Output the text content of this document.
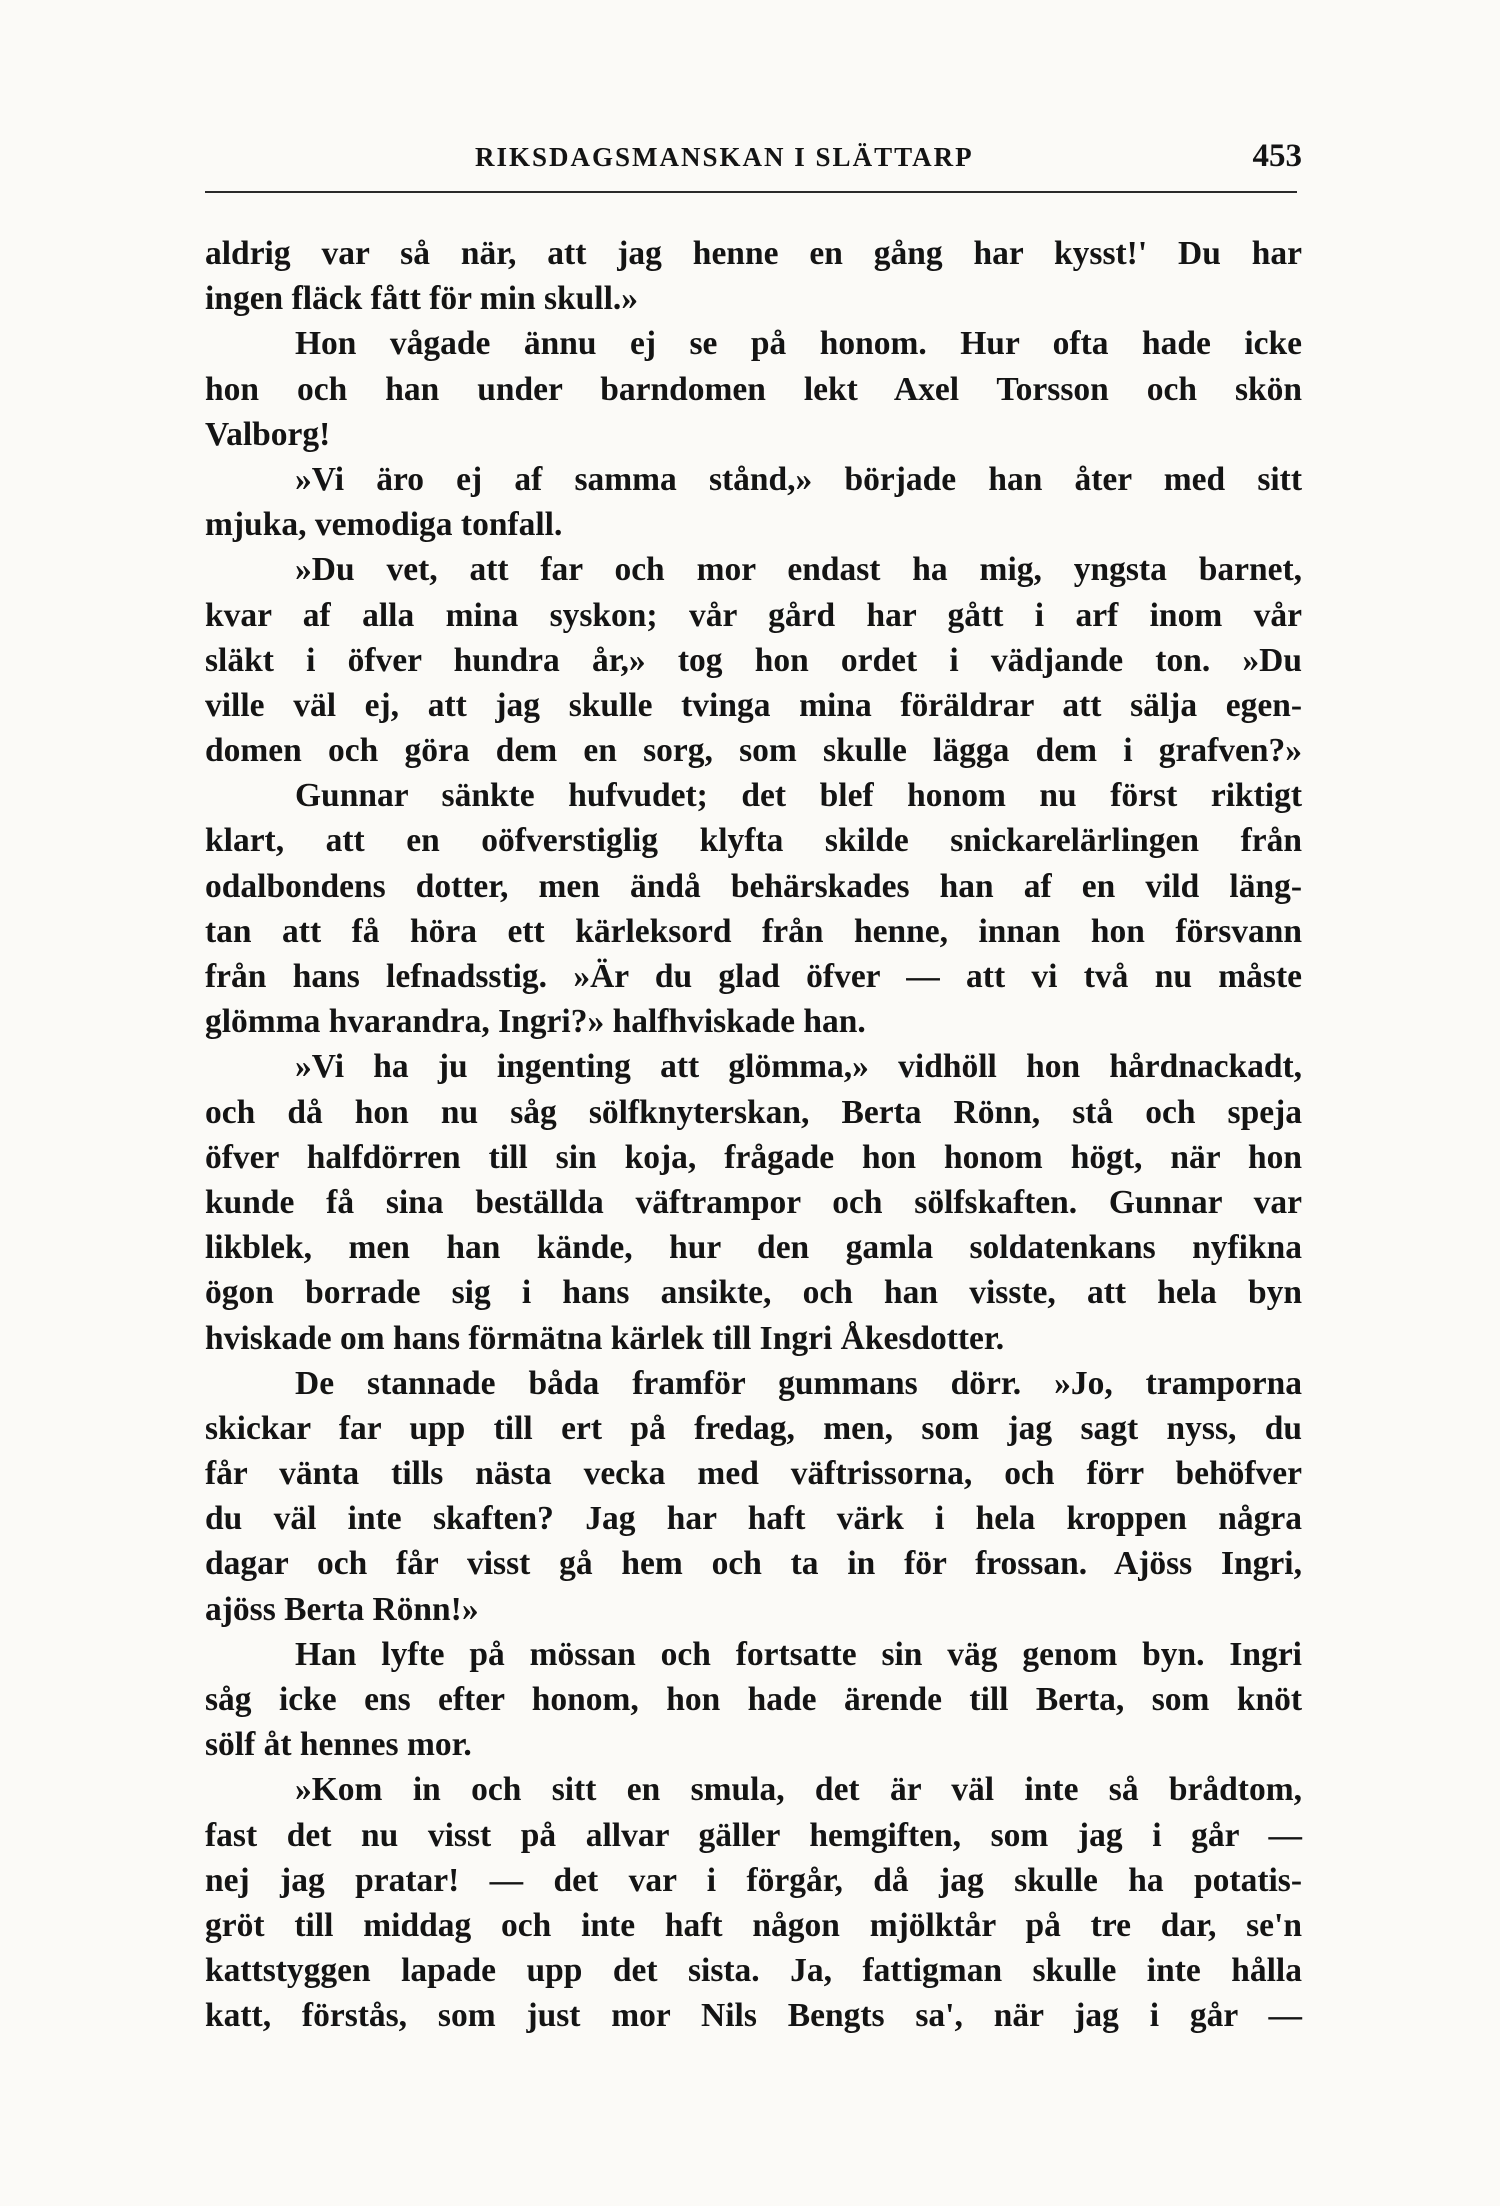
RIKSDAGSMANSKAN I SLÄTTARP	453
aldrig var så när, att jag henne en gång har kysst!' Du har
ingen fläck fått för min skull.»
Hon vågade ännu ej se på honom. Hur ofta hade icke
hon och han under barndomen lekt Axel Torsson och skön
Valborg!
»Vi äro ej af samma stånd,» började han åter med sitt
mjuka, vemodiga tonfall.
»Du vet, att far och mor endast ha mig, yngsta barnet,
kvar af alla mina syskon; vår gård har gått i arf inom vår
släkt i öfver hundra år,» tog hon ordet i vädjande ton. »Du
ville väl ej, att jag skulle tvinga mina föräldrar att sälja egen-
domen och göra dem en sorg, som skulle lägga dem i grafven?»
Gunnar sänkte hufvudet; det blef honom nu först riktigt
klart, att en oöfverstiglig klyfta skilde snickarelärlingen från
odalbondens dotter, men ändå behärskades han af en vild läng-
tan att få höra ett kärleksord från henne, innan hon försvann
från hans lefnadsstig. »Är du glad öfver — att vi två nu måste
glömma hvarandra, Ingri?» halfhviskade han.
»Vi ha ju ingenting att glömma,» vidhöll hon hårdnackadt,
och då hon nu såg sölfknyterskan, Berta Rönn, stå och speja
öfver halfdörren till sin koja, frågade hon honom högt, när hon
kunde få sina beställda väftrampor och sölfskaften. Gunnar var
likblek, men han kände, hur den gamla soldatenkans nyfikna
ögon borrade sig i hans ansikte, och han visste, att hela byn
hviskade om hans förmätna kärlek till Ingri Åkesdotter.
De stannade båda framför gummans dörr. »Jo, tramporna
skickar far upp till ert på fredag, men, som jag sagt nyss, du
får vänta tills nästa vecka med väftrissorna, och förr behöfver
du väl inte skaften? Jag har haft värk i hela kroppen några
dagar och får visst gå hem och ta in för frossan. Ajöss Ingri,
ajöss Berta Rönn!»
Han lyfte på mössan och fortsatte sin väg genom byn. Ingri
såg icke ens efter honom, hon hade ärende till Berta, som knöt
sölf åt hennes mor.
»Kom in och sitt en smula, det är väl inte så brådtom,
fast det nu visst på allvar gäller hemgiften, som jag i går —
nej jag pratar! — det var i förgår, då jag skulle ha potatis-
gröt till middag och inte haft någon mjölktår på tre dar, se'n
kattstyggen lapade upp det sista. Ja, fattigman skulle inte hålla
katt, förstås, som just mor Nils Bengts sa', när jag i går —
